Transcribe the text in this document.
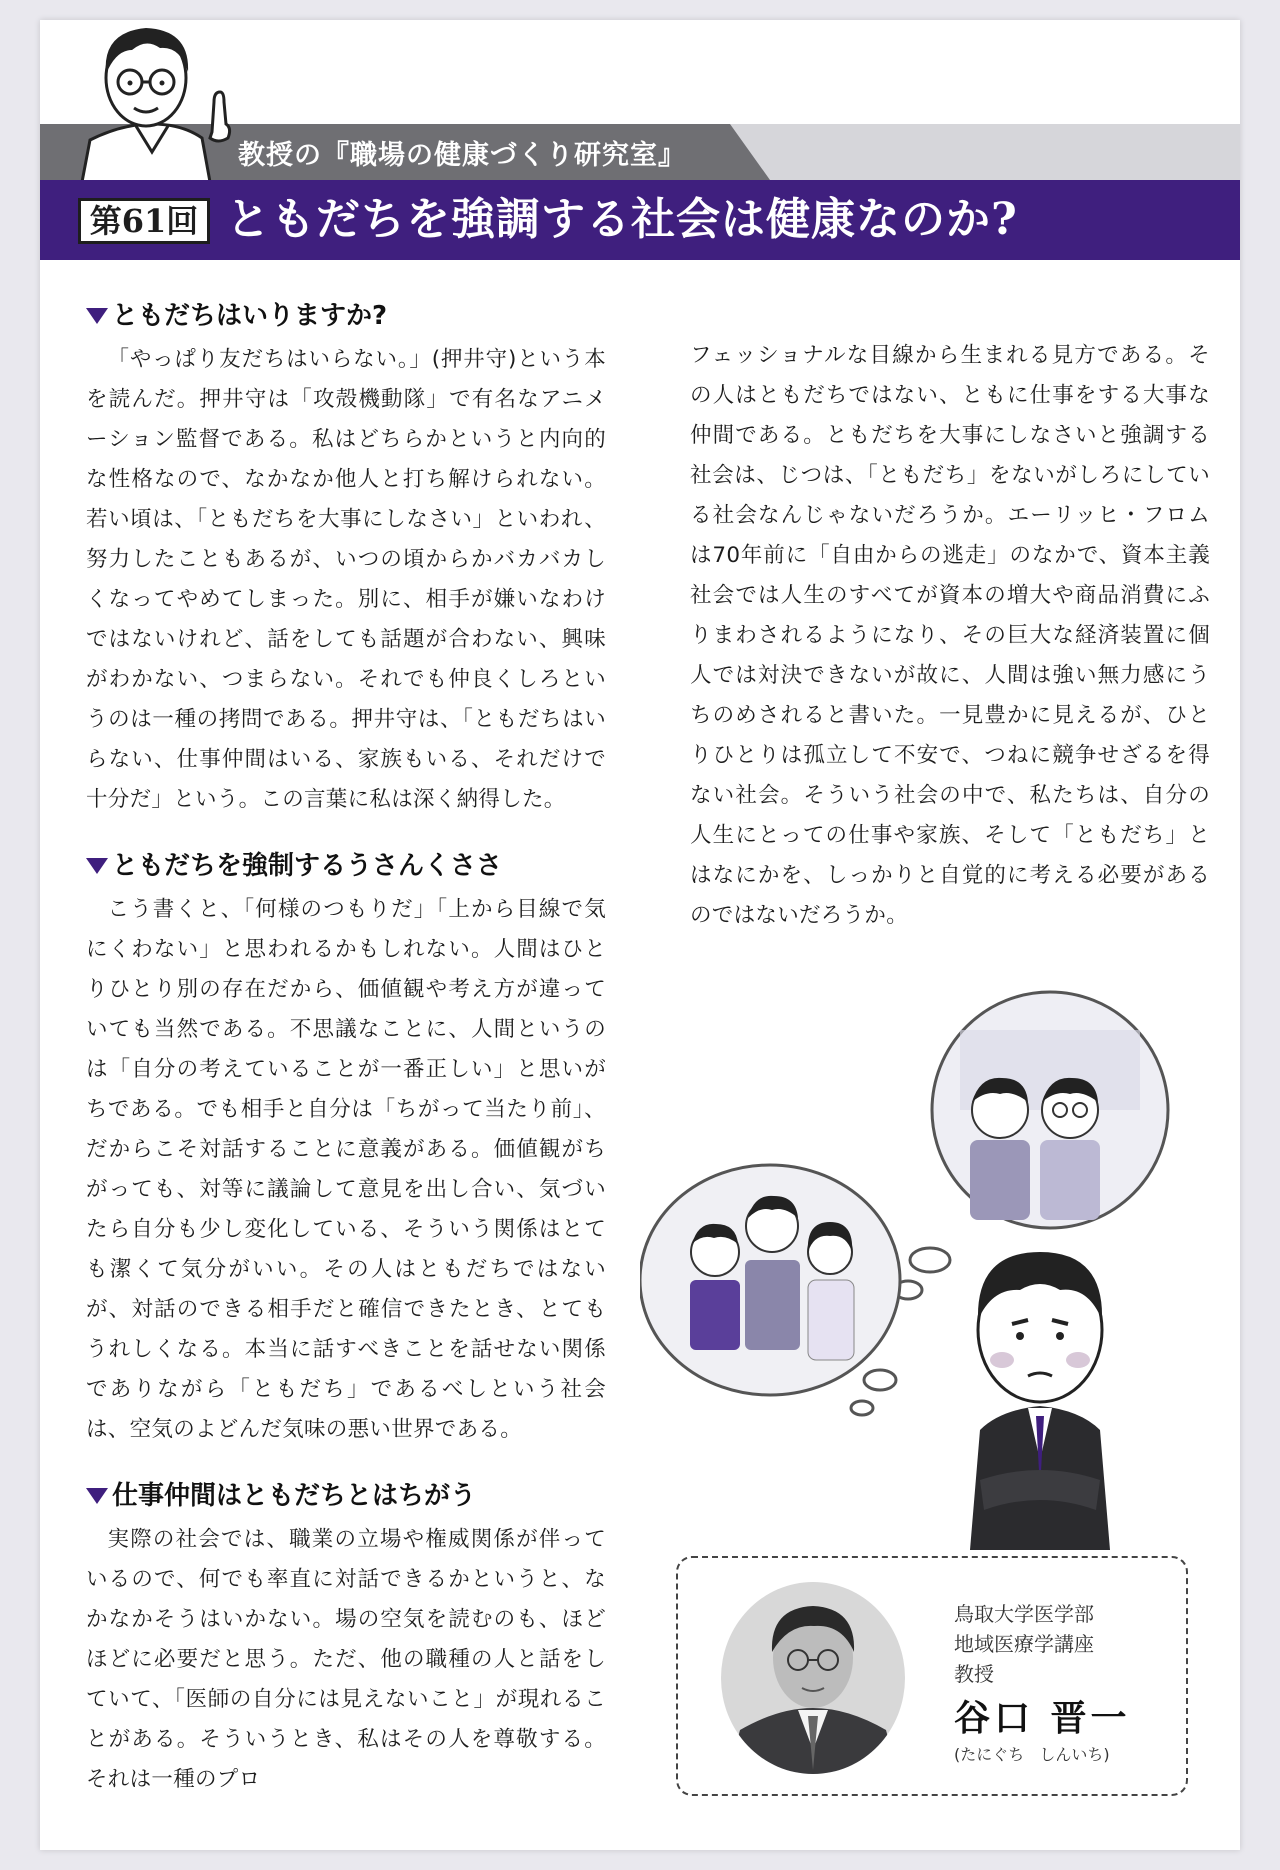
教授の『職場の健康づくり研究室』
第61回 ともだちを強調する社会は健康なのか?
ともだちはいりますか?

「やっぱり友だちはいらない。」(押井守)という本を読んだ。押井守は「攻殻機動隊」で有名なアニメーション監督である。私はどちらかというと内向的な性格なので、なかなか他人と打ち解けられない。若い頃は、「ともだちを大事にしなさい」といわれ、努力したこともあるが、いつの頃からかバカバカしくなってやめてしまった。別に、相手が嫌いなわけではないけれど、話をしても話題が合わない、興味がわかない、つまらない。それでも仲良くしろというのは一種の拷問である。押井守は、「ともだちはいらない、仕事仲間はいる、家族もいる、それだけで十分だ」という。この言葉に私は深く納得した。

ともだちを強制するうさんくささ

こう書くと、「何様のつもりだ」「上から目線で気にくわない」と思われるかもしれない。人間はひとりひとり別の存在だから、価値観や考え方が違っていても当然である。不思議なことに、人間というのは「自分の考えていることが一番正しい」と思いがちである。でも相手と自分は「ちがって当たり前」、だからこそ対話することに意義がある。価値観がちがっても、対等に議論して意見を出し合い、気づいたら自分も少し変化している、そういう関係はとても潔くて気分がいい。その人はともだちではないが、対話のできる相手だと確信できたとき、とてもうれしくなる。本当に話すべきことを話せない関係でありながら「ともだち」であるべしという社会は、空気のよどんだ気味の悪い世界である。

仕事仲間はともだちとはちがう

実際の社会では、職業の立場や権威関係が伴っているので、何でも率直に対話できるかというと、なかなかそうはいかない。場の空気を読むのも、ほどほどに必要だと思う。ただ、他の職種の人と話をしていて、「医師の自分には見えないこと」が現れることがある。そういうとき、私はその人を尊敬する。それは一種のプロ

フェッショナルな目線から生まれる見方である。その人はともだちではない、ともに仕事をする大事な仲間である。ともだちを大事にしなさいと強調する社会は、じつは、「ともだち」をないがしろにしている社会なんじゃないだろうか。エーリッヒ・フロムは70年前に「自由からの逃走」のなかで、資本主義社会では人生のすべてが資本の増大や商品消費にふりまわされるようになり、その巨大な経済装置に個人では対決できないが故に、人間は強い無力感にうちのめされると書いた。一見豊かに見えるが、ひとりひとりは孤立して不安で、つねに競争せざるを得ない社会。そういう社会の中で、私たちは、自分の人生にとっての仕事や家族、そして「ともだち」とはなにかを、しっかりと自覚的に考える必要があるのではないだろうか。

鳥取大学医学部
地域医療学講座
教授
谷口 晋一
(たにぐち しんいち)
